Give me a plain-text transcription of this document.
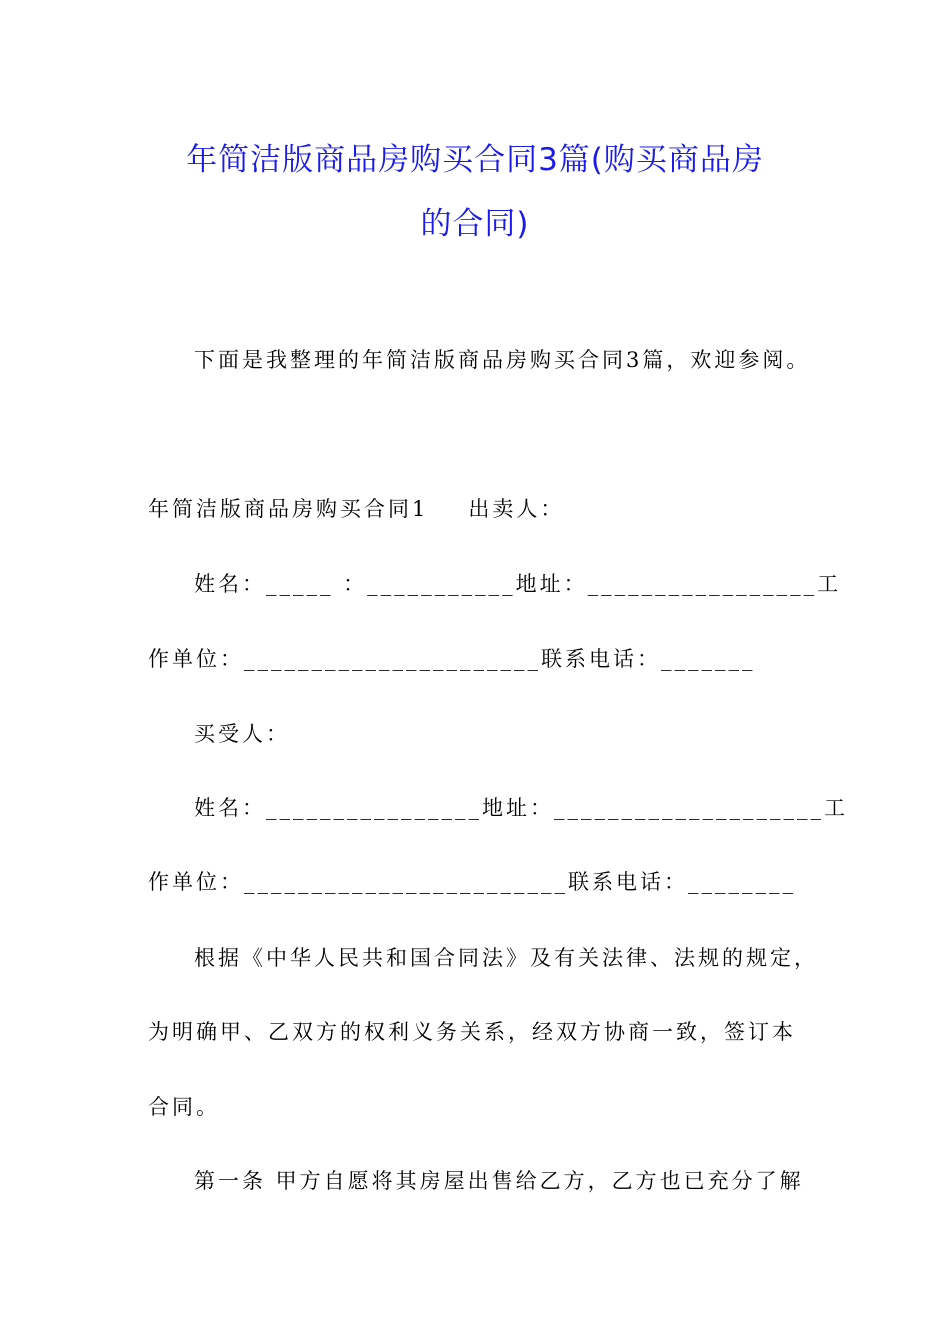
年简洁版商品房购买合同3篇(购买商品房
的合同)
下面是我整理的年简洁版商品房购买合同3篇，欢迎参阅。
年简洁版商品房购买合同1 出卖人：
姓名：_____ ：___________地址：_________________工
作单位：______________________联系电话：_______
买受人：
姓名：________________地址：____________________工
作单位：________________________联系电话：________
根据《中华人民共和国合同法》及有关法律、法规的规定，
为明确甲、乙双方的权利义务关系，经双方协商一致，签订本
合同。
第一条 甲方自愿将其房屋出售给乙方，乙方也已充分了解
